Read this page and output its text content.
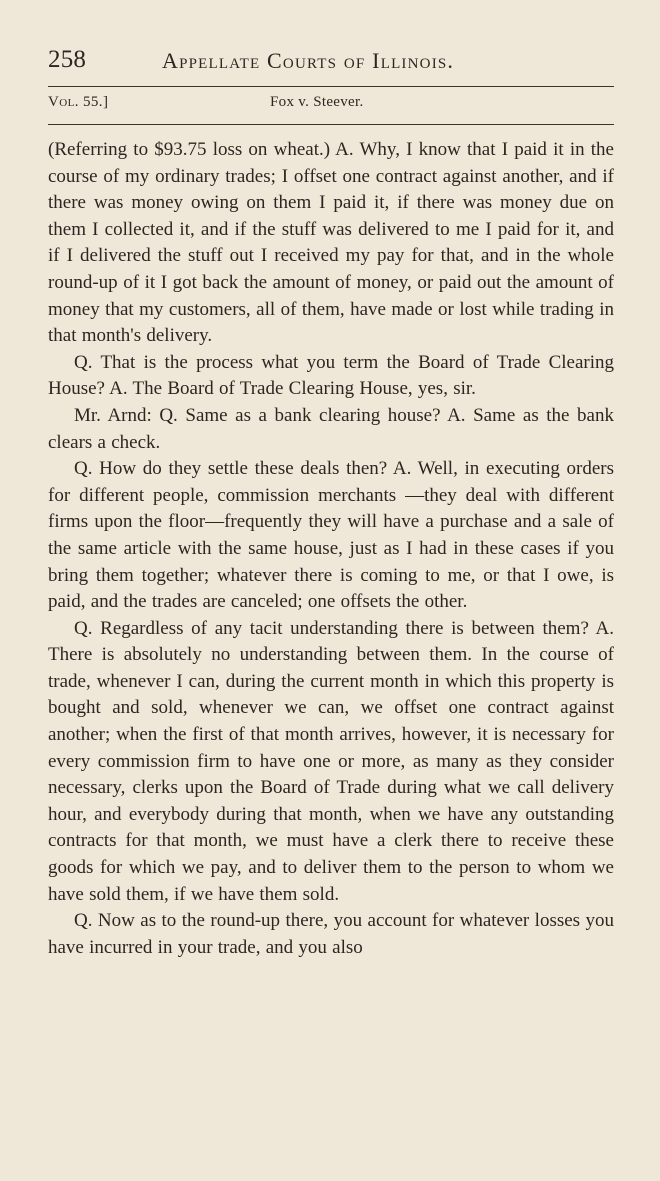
258	Appellate Courts of Illinois.
Vol. 55.]	Fox v. Steever.

(Referring to $93.75 loss on wheat.) A. Why, I know that I paid it in the course of my ordinary trades; I offset one contract against another, and if there was money owing on them I paid it, if there was money due on them I collected it, and if the stuff was delivered to me I paid for it, and if I delivered the stuff out I received my pay for that, and in the whole round-up of it I got back the amount of money, or paid out the amount of money that my customers, all of them, have made or lost while trading in that month's delivery.

Q. That is the process what you term the Board of Trade Clearing House? A. The Board of Trade Clearing House, yes, sir.

Mr. Arnd: Q. Same as a bank clearing house? A. Same as the bank clears a check.

Q. How do they settle these deals then? A. Well, in executing orders for different people, commission merchants —they deal with different firms upon the floor—frequently they will have a purchase and a sale of the same article with the same house, just as I had in these cases if you bring them together; whatever there is coming to me, or that I owe, is paid, and the trades are canceled; one offsets the other.

Q. Regardless of any tacit understanding there is between them? A. There is absolutely no understanding between them. In the course of trade, whenever I can, during the current month in which this property is bought and sold, whenever we can, we offset one contract against another; when the first of that month arrives, however, it is necessary for every commission firm to have one or more, as many as they consider necessary, clerks upon the Board of Trade during what we call delivery hour, and everybody during that month, when we have any outstanding contracts for that month, we must have a clerk there to receive these goods for which we pay, and to deliver them to the person to whom we have sold them, if we have them sold.

Q. Now as to the round-up there, you account for whatever losses you have incurred in your trade, and you also
